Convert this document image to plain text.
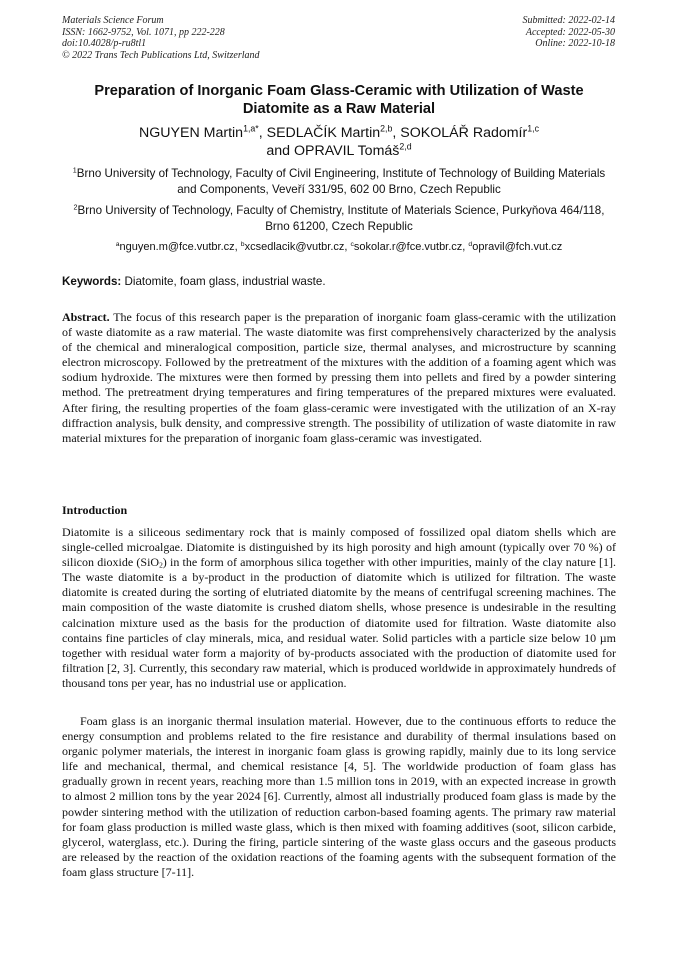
Materials Science Forum
ISSN: 1662-9752, Vol. 1071, pp 222-228
doi:10.4028/p-ru8tl1
© 2022 Trans Tech Publications Ltd, Switzerland
Submitted: 2022-02-14
Accepted: 2022-05-30
Online: 2022-10-18
Preparation of Inorganic Foam Glass-Ceramic with Utilization of Waste Diatomite as a Raw Material
NGUYEN Martin$^{1,a*}$, SEDLAČÍK Martin$^{2,b}$, SOKOLÁŘ Radomír$^{1,c}$
and OPRAVIL Tomáš$^{2,d}$
$^1$Brno University of Technology, Faculty of Civil Engineering, Institute of Technology of Building Materials and Components, Veveří 331/95, 602 00 Brno, Czech Republic
$^2$Brno University of Technology, Faculty of Chemistry, Institute of Materials Science, Purkyňova 464/118, Brno 61200, Czech Republic
$^a$nguyen.m@fce.vutbr.cz, $^b$xcsedlacik@vutbr.cz, $^c$sokolar.r@fce.vutbr.cz, $^d$opravil@fch.vut.cz
Keywords: Diatomite, foam glass, industrial waste.
Abstract. The focus of this research paper is the preparation of inorganic foam glass-ceramic with the utilization of waste diatomite as a raw material. The waste diatomite was first comprehensively characterized by the analysis of the chemical and mineralogical composition, particle size, thermal analyses, and microstructure by scanning electron microscopy. Followed by the pretreatment of the mixtures with the addition of a foaming agent which was sodium hydroxide. The mixtures were then formed by pressing them into pellets and fired by a powder sintering method. The pretreatment drying temperatures and firing temperatures of the prepared mixtures were evaluated. After firing, the resulting properties of the foam glass-ceramic were investigated with the utilization of an X-ray diffraction analysis, bulk density, and compressive strength. The possibility of utilization of waste diatomite in raw material mixtures for the preparation of inorganic foam glass-ceramic was investigated.
Introduction
Diatomite is a siliceous sedimentary rock that is mainly composed of fossilized opal diatom shells which are single-celled microalgae. Diatomite is distinguished by its high porosity and high amount (typically over 70 %) of silicon dioxide (SiO$_2$) in the form of amorphous silica together with other impurities, mainly of the clay nature [1]. The waste diatomite is a by-product in the production of diatomite which is utilized for filtration. The waste diatomite is created during the sorting of elutriated diatomite by the means of centrifugal screening machines. The main composition of the waste diatomite is crushed diatom shells, whose presence is undesirable in the resulting calcination mixture used as the basis for the production of diatomite used for filtration. Waste diatomite also contains fine particles of clay minerals, mica, and residual water. Solid particles with a particle size below 10 µm together with residual water form a majority of by-products associated with the production of diatomite used for filtration [2, 3]. Currently, this secondary raw material, which is produced worldwide in approximately hundreds of thousand tons per year, has no industrial use or application.
Foam glass is an inorganic thermal insulation material. However, due to the continuous efforts to reduce the energy consumption and problems related to the fire resistance and durability of thermal insulations based on organic polymer materials, the interest in inorganic foam glass is growing rapidly, mainly due to its long service life and mechanical, thermal, and chemical resistance [4, 5]. The worldwide production of foam glass has gradually grown in recent years, reaching more than 1.5 million tons in 2019, with an expected increase in growth to almost 2 million tons by the year 2024 [6]. Currently, almost all industrially produced foam glass is made by the powder sintering method with the utilization of reduction carbon-based foaming agents. The primary raw material for foam glass production is milled waste glass, which is then mixed with foaming additives (soot, silicon carbide, glycerol, waterglass, etc.). During the firing, particle sintering of the waste glass occurs and the gaseous products are released by the reaction of the oxidation reactions of the foaming agents with the subsequent formation of the foam glass structure [7-11].
